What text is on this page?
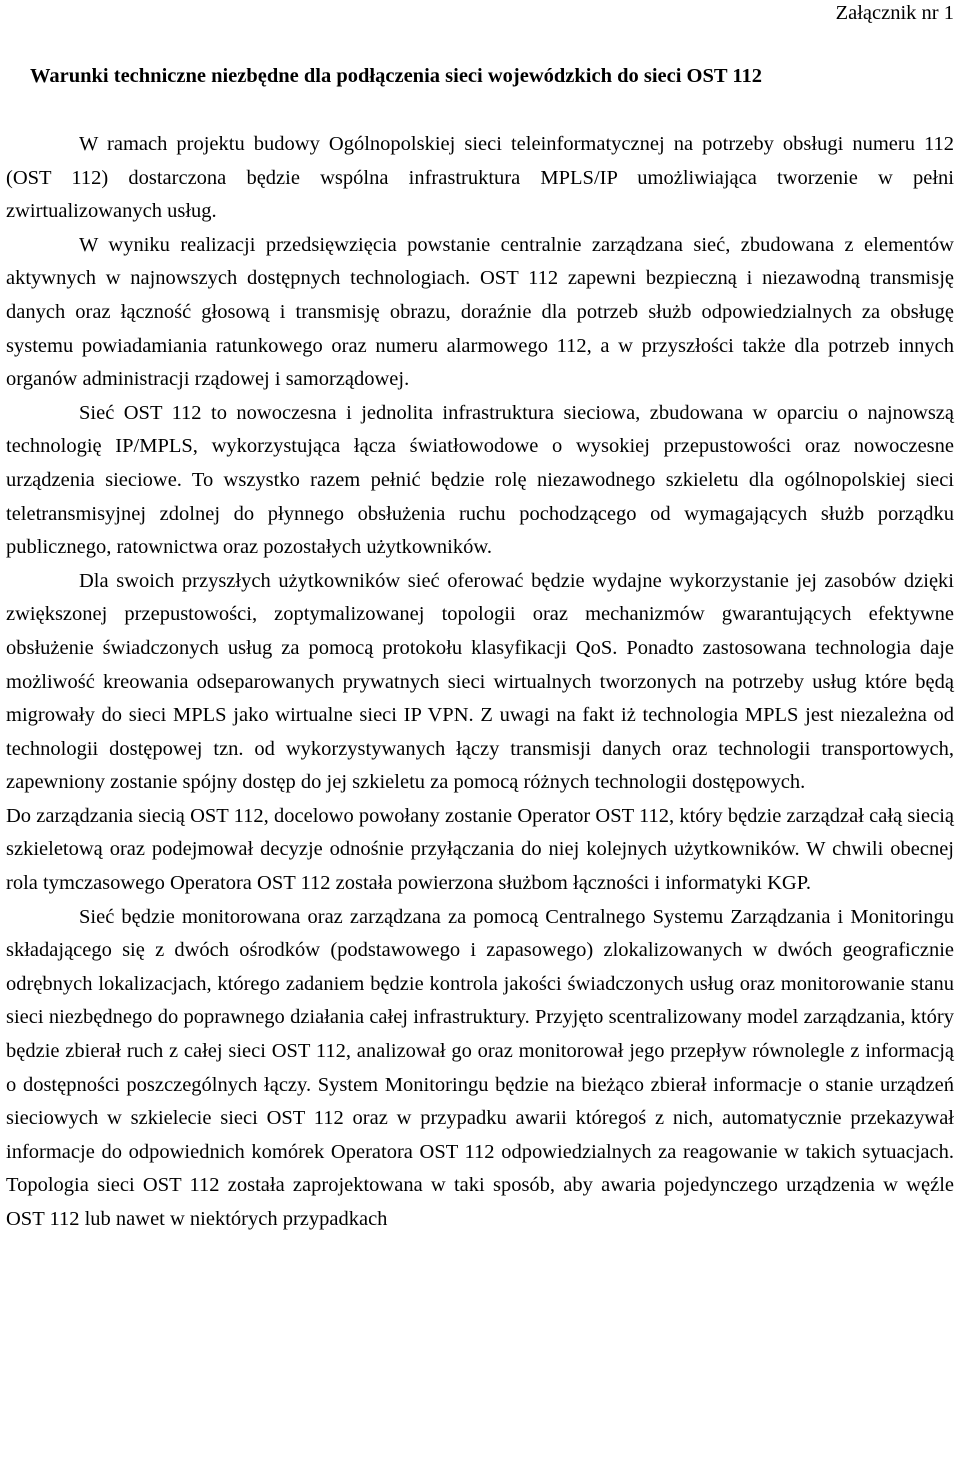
Załącznik nr 1
Warunki techniczne niezbędne dla podłączenia sieci wojewódzkich do sieci OST 112

W ramach projektu budowy Ogólnopolskiej sieci teleinformatycznej na potrzeby obsługi numeru 112 (OST 112) dostarczona będzie wspólna infrastruktura MPLS/IP umożliwiająca tworzenie w pełni zwirtualizowanych usług.

W wyniku realizacji przedsięwzięcia powstanie centralnie zarządzana sieć, zbudowana z elementów aktywnych w najnowszych dostępnych technologiach. OST 112 zapewni bezpieczną i niezawodną transmisję danych oraz łączność głosową i transmisję obrazu, doraźnie dla potrzeb służb odpowiedzialnych za obsługę systemu powiadamiania ratunkowego oraz numeru alarmowego 112, a w przyszłości także dla potrzeb innych organów administracji rządowej i samorządowej.

Sieć OST 112 to nowoczesna i jednolita infrastruktura sieciowa, zbudowana w oparciu o najnowszą technologię IP/MPLS, wykorzystująca łącza światłowodowe o wysokiej przepustowości oraz nowoczesne urządzenia sieciowe. To wszystko razem pełnić będzie rolę niezawodnego szkieletu dla ogólnopolskiej sieci teletransmisyjnej zdolnej do płynnego obsłużenia ruchu pochodzącego od wymagających służb porządku publicznego, ratownictwa oraz pozostałych użytkowników.

Dla swoich przyszłych użytkowników sieć oferować będzie wydajne wykorzystanie jej zasobów dzięki zwiększonej przepustowości, zoptymalizowanej topologii oraz mechanizmów gwarantujących efektywne obsłużenie świadczonych usług za pomocą protokołu klasyfikacji QoS. Ponadto zastosowana technologia daje możliwość kreowania odseparowanych prywatnych sieci wirtualnych tworzonych na potrzeby usług które będą migrowały do sieci MPLS jako wirtualne sieci IP VPN. Z uwagi na fakt iż technologia MPLS jest niezależna od technologii dostępowej tzn. od wykorzystywanych łączy transmisji danych oraz technologii transportowych, zapewniony zostanie spójny dostęp do jej szkieletu za pomocą różnych technologii dostępowych.

Do zarządzania siecią OST 112, docelowo powołany zostanie Operator OST 112, który będzie zarządzał całą siecią szkieletową oraz podejmował decyzje odnośnie przyłączania do niej kolejnych użytkowników. W chwili obecnej rola tymczasowego Operatora OST 112 została powierzona służbom łączności i informatyki KGP.

Sieć będzie monitorowana oraz zarządzana za pomocą Centralnego Systemu Zarządzania i Monitoringu składającego się z dwóch ośrodków (podstawowego i zapasowego) zlokalizowanych w dwóch geograficznie odrębnych lokalizacjach, którego zadaniem będzie kontrola jakości świadczonych usług oraz monitorowanie stanu sieci niezbędnego do poprawnego działania całej infrastruktury. Przyjęto scentralizowany model zarządzania, który będzie zbierał ruch z całej sieci OST 112, analizował go oraz monitorował jego przepływ równolegle z informacją o dostępności poszczególnych łączy. System Monitoringu będzie na bieżąco zbierał informacje o stanie urządzeń sieciowych w szkielecie sieci OST 112 oraz w przypadku awarii któregoś z nich, automatycznie przekazywał informacje do odpowiednich komórek Operatora OST 112 odpowiedzialnych za reagowanie w takich sytuacjach. Topologia sieci OST 112 została zaprojektowana w taki sposób, aby awaria pojedynczego urządzenia w węźle OST 112 lub nawet w niektórych przypadkach
